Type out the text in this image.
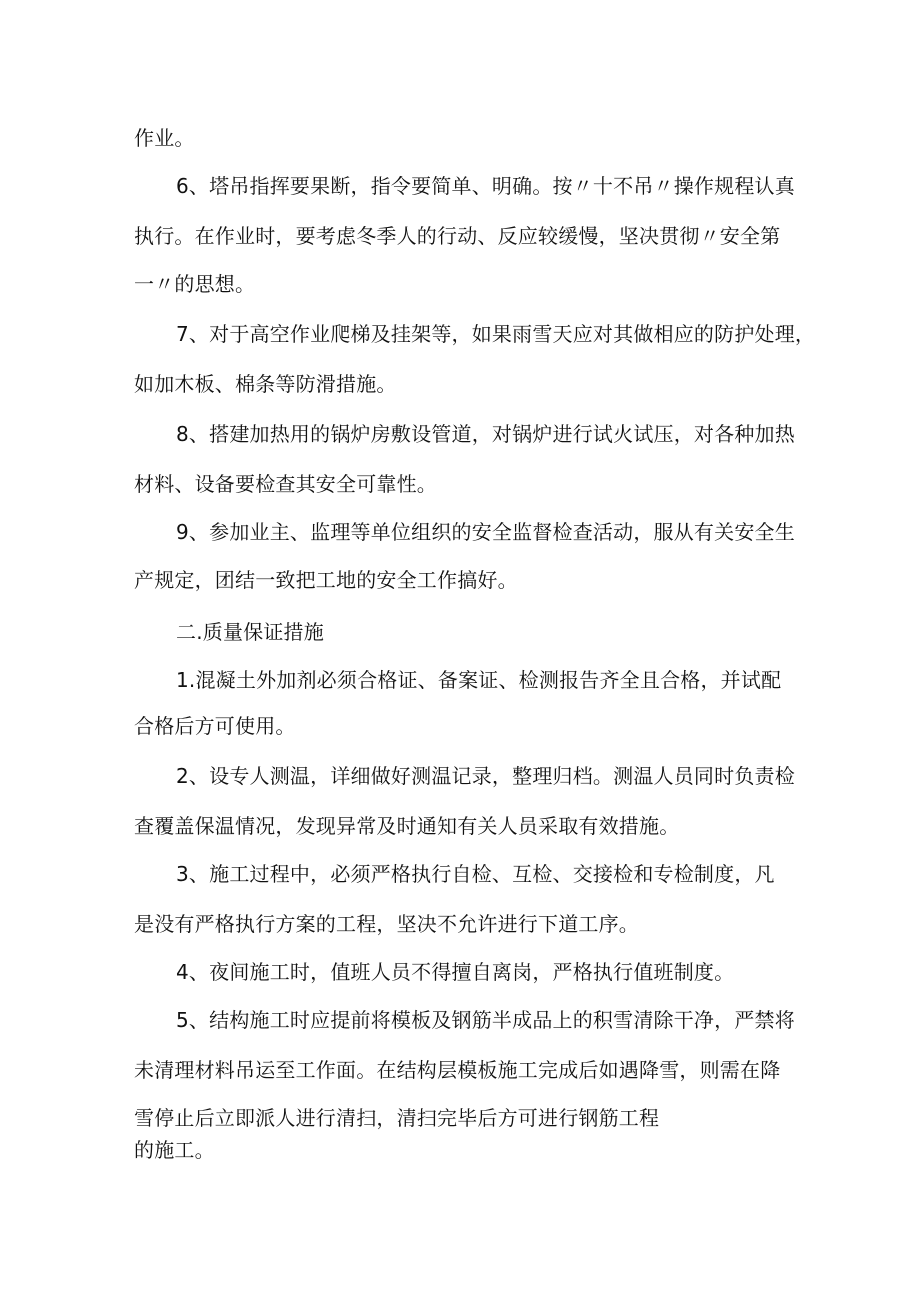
作业。
6、塔吊指挥要果断，指令要简单、明确。按〃十不吊〃操作规程认真
执行。在作业时，要考虑冬季人的行动、反应较缓慢，坚决贯彻〃安全第
一〃的思想。
7、对于高空作业爬梯及挂架等，如果雨雪天应对其做相应的防护处理，
如加木板、棉条等防滑措施。
8、搭建加热用的锅炉房敷设管道，对锅炉进行试火试压，对各种加热
材料、设备要检查其安全可靠性。
9、参加业主、监理等单位组织的安全监督检查活动，服从有关安全生
产规定，团结一致把工地的安全工作搞好。
二.质量保证措施
1.混凝土外加剂必须合格证、备案证、检测报告齐全且合格，并试配
合格后方可使用。
2、设专人测温，详细做好测温记录，整理归档。测温人员同时负责检
查覆盖保温情况，发现异常及时通知有关人员采取有效措施。
3、施工过程中，必须严格执行自检、互检、交接检和专检制度，凡
是没有严格执行方案的工程，坚决不允许进行下道工序。
4、夜间施工时，值班人员不得擅自离岗，严格执行值班制度。
5、结构施工时应提前将模板及钢筋半成品上的积雪清除干净，严禁将
未清理材料吊运至工作面。在结构层模板施工完成后如遇降雪，则需在降
雪停止后立即派人进行清扫，清扫完毕后方可进行钢筋工程
的施工。
